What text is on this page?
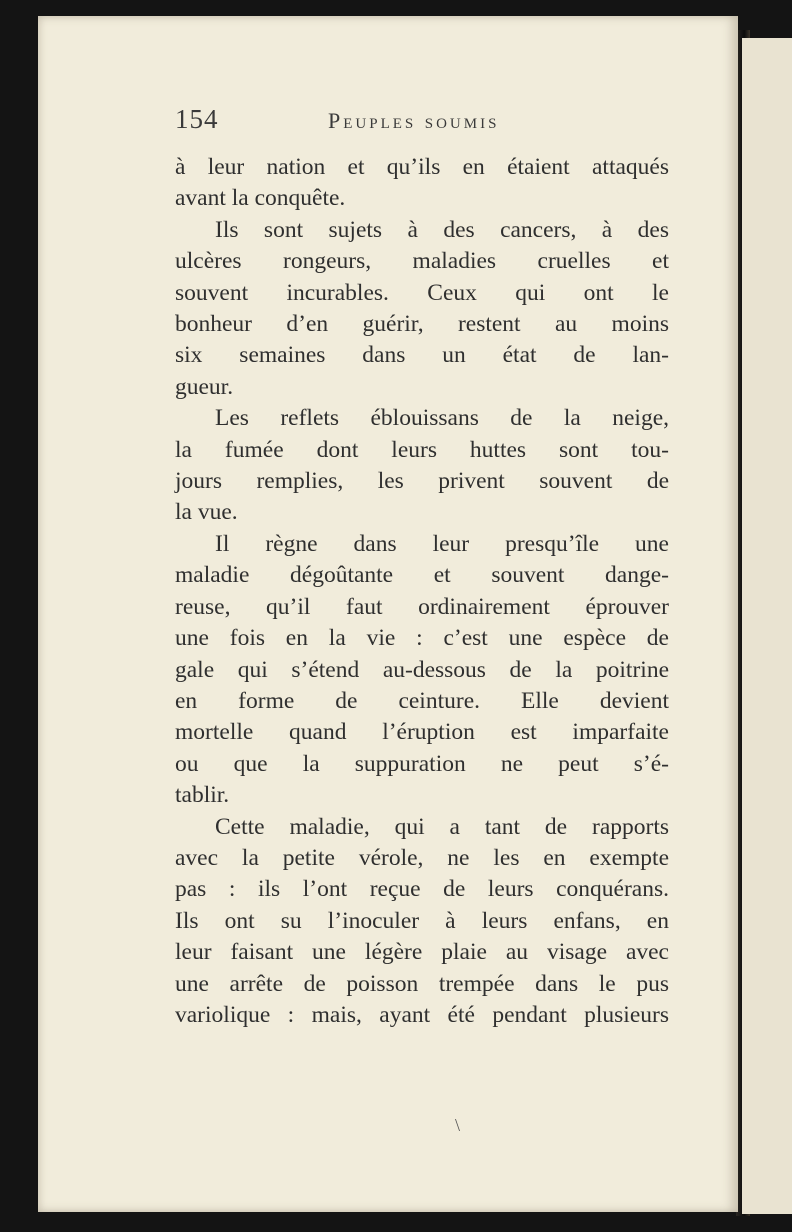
154	Peuples soumis

à leur nation et qu’ils en étaient attaqués

avant la conquête.

Ils sont sujets à des cancers, à des

ulcères rongeurs, maladies cruelles et

souvent incurables. Ceux qui ont le

bonheur d’en guérir, restent au moins

six semaines dans un état de lan-

gueur.

Les reflets éblouissans de la neige,

la fumée dont leurs huttes sont tou-

jours remplies, les privent souvent de

la vue.

Il règne dans leur presqu’île une

maladie dégoûtante et souvent dange-

reuse, qu’il faut ordinairement éprouver

une fois en la vie : c’est une espèce de

gale qui s’étend au-dessous de la poitrine

en forme de ceinture. Elle devient

mortelle quand l’éruption est imparfaite

ou que la suppuration ne peut s’é-

tablir.

Cette maladie, qui a tant de rapports

avec la petite vérole, ne les en exempte

pas : ils l’ont reçue de leurs conquérans.

Ils ont su l’inoculer à leurs enfans, en

leur faisant une légère plaie au visage avec

une arrête de poisson trempée dans le pus

variolique : mais, ayant été pendant plusieurs

\
